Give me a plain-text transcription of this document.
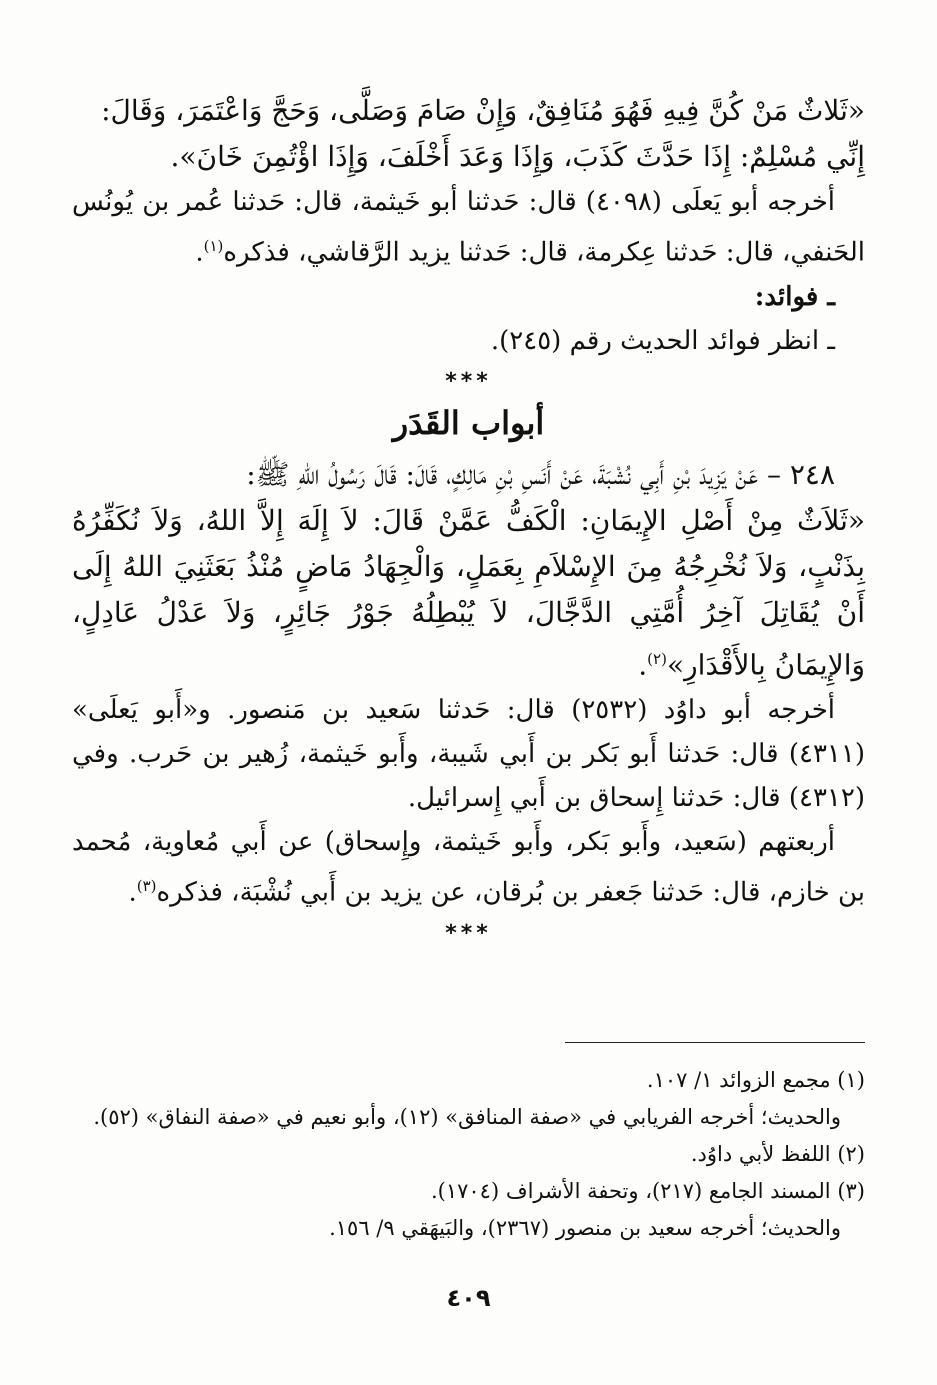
«ثَلاثٌ مَنْ كُنَّ فِيهِ فَهُوَ مُنَافِقٌ، وَإِنْ صَامَ وَصَلَّى، وَحَجَّ وَاعْتَمَرَ، وَقَالَ:

إِنِّي مُسْلِمٌ: إِذَا حَدَّثَ كَذَبَ، وَإِذَا وَعَدَ أَخْلَفَ، وَإِذَا اؤْتُمِنَ خَانَ».

أخرجه أبو يَعلَى (٤٠٩٨) قال: حَدثنا أبو خَيثمة، قال: حَدثنا عُمر بن يُونُس الحَنفي، قال: حَدثنا عِكرمة، قال: حَدثنا يزيد الرَّقاشي، فذكره$^{(١)}$.

ـ فوائد:

ـ انظر فوائد الحديث رقم (٢٤٥).

***
أبواب القَدَر

٢٤٨ – عَنْ يَزِيدَ بْنِ أَبِي نُشْبَةَ، عَنْ أَنَسِ بْنِ مَالِكٍ، قَالَ: قَالَ رَسُولُ اللهِ ﷺ:

«ثَلاَثٌ مِنْ أَصْلِ الإِيمَانِ: الْكَفُّ عَمَّنْ قَالَ: لاَ إِلَهَ إِلاَّ اللهُ، وَلاَ نُكَفِّرُهُ بِذَنْبٍ، وَلاَ نُخْرِجُهُ مِنَ الإِسْلاَمِ بِعَمَلٍ، وَالْجِهَادُ مَاضٍ مُنْذُ بَعَثَنِيَ اللهُ إِلَى أَنْ يُقَاتِلَ آخِرُ أُمَّتِي الدَّجَّالَ، لاَ يُبْطِلُهُ جَوْرُ جَائِرٍ، وَلاَ عَدْلُ عَادِلٍ، وَالإِيمَانُ بِالأَقْدَارِ»$^{(٢)}$.

أخرجه أبو داوُد (٢٥٣٢) قال: حَدثنا سَعيد بن مَنصور. و«أَبو يَعلَى» (٤٣١١) قال: حَدثنا أَبو بَكر بن أَبي شَيبة، وأَبو خَيثمة، زُهير بن حَرب. وفي (٤٣١٢) قال: حَدثنا إِسحاق بن أَبي إِسرائيل.

أربعتهم (سَعيد، وأَبو بَكر، وأَبو خَيثمة، وإِسحاق) عن أَبي مُعاوية، مُحمد بن خازم، قال: حَدثنا جَعفر بن بُرقان، عن يزيد بن أَبي نُشْبَة، فذكره$^{(٣)}$.

***

(١) مجمع الزوائد ١/ ١٠٧.

والحديث؛ أخرجه الفريابي في «صفة المنافق» (١٢)، وأبو نعيم في «صفة النفاق» (٥٢).

(٢) اللفظ لأبي داوُد.

(٣) المسند الجامع (٢١٧)، وتحفة الأشراف (١٧٠٤).

والحديث؛ أخرجه سعيد بن منصور (٢٣٦٧)، والبَيهَقي ٩/ ١٥٦.

٤٠٩
